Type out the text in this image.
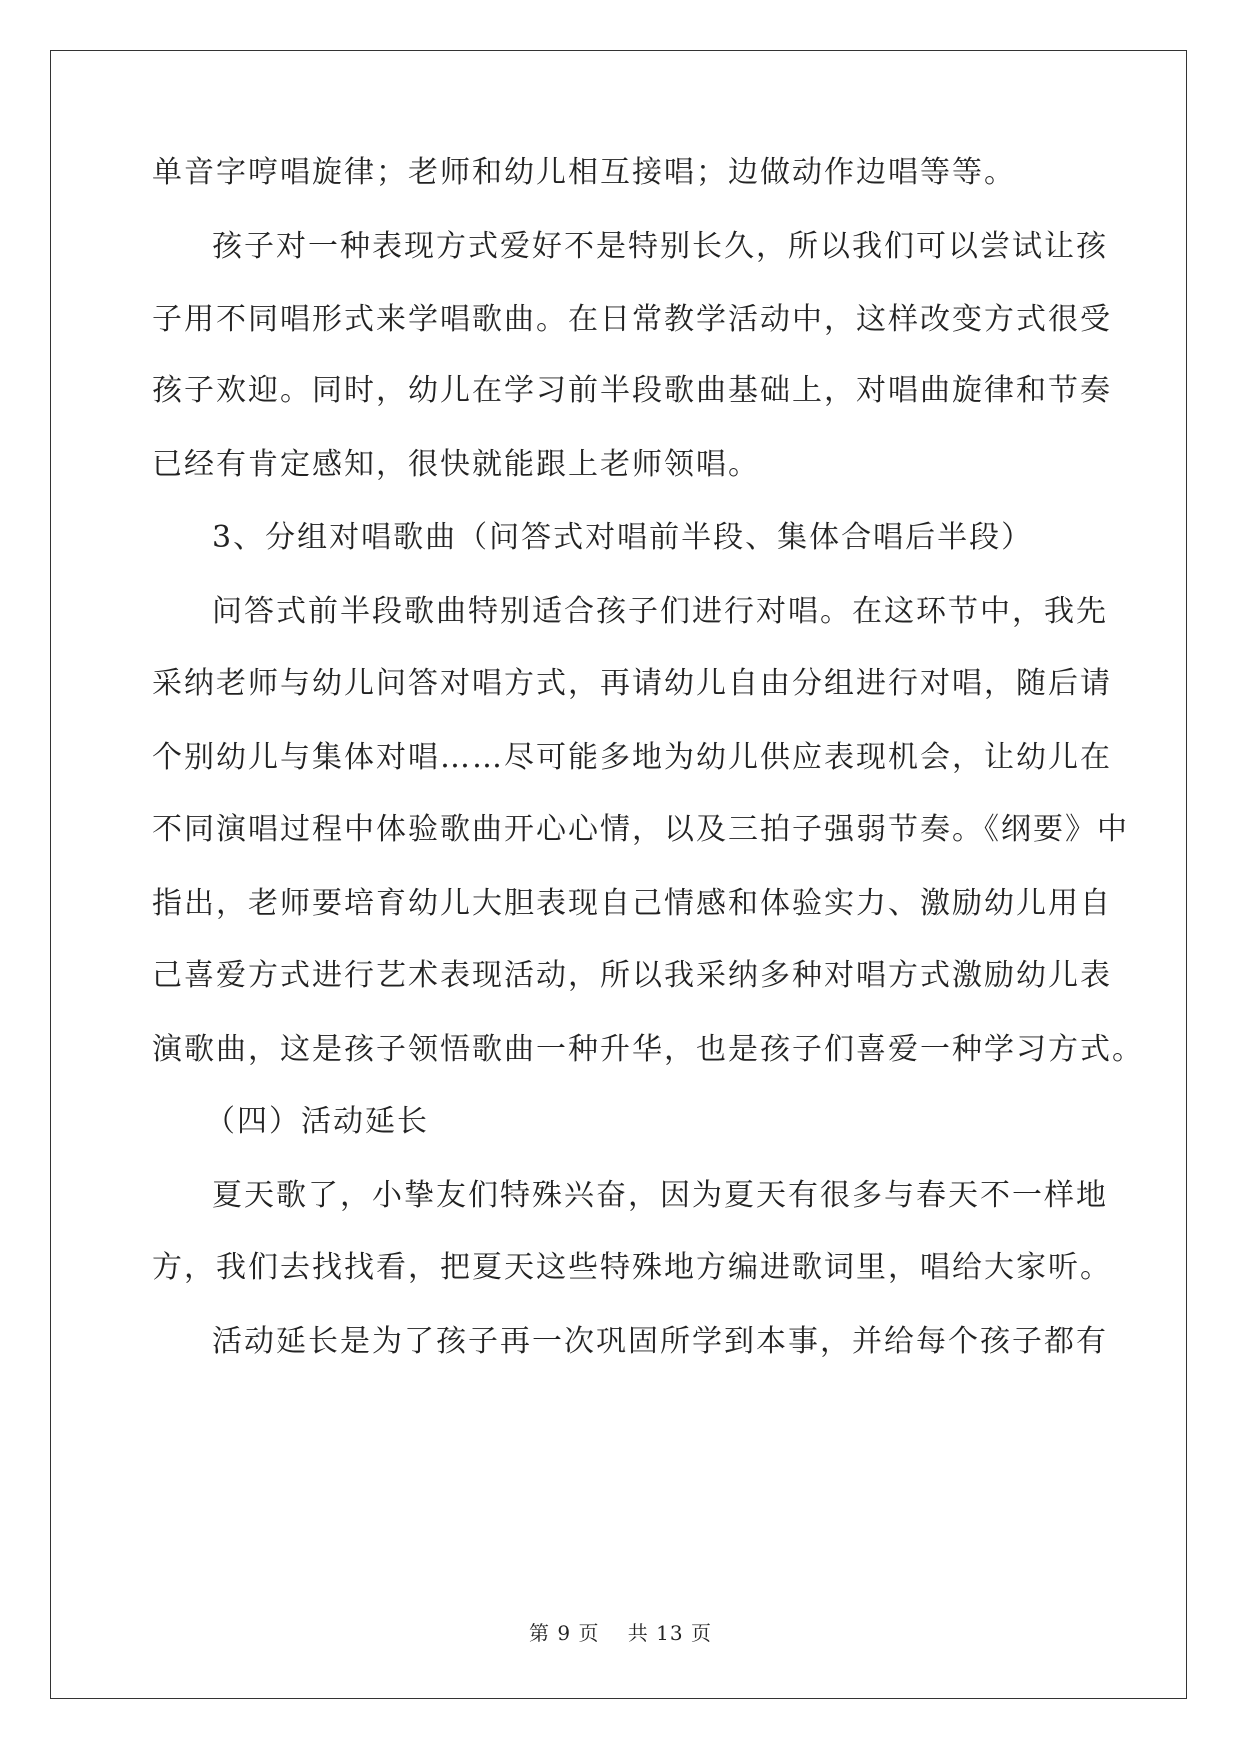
单音字哼唱旋律；老师和幼儿相互接唱；边做动作边唱等等。
孩子对一种表现方式爱好不是特别长久，所以我们可以尝试让孩
子用不同唱形式来学唱歌曲。在日常教学活动中，这样改变方式很受
孩子欢迎。同时，幼儿在学习前半段歌曲基础上，对唱曲旋律和节奏
已经有肯定感知，很快就能跟上老师领唱。
3、分组对唱歌曲（问答式对唱前半段、集体合唱后半段）
问答式前半段歌曲特别适合孩子们进行对唱。在这环节中，我先
采纳老师与幼儿问答对唱方式，再请幼儿自由分组进行对唱，随后请
个别幼儿与集体对唱……尽可能多地为幼儿供应表现机会，让幼儿在
不同演唱过程中体验歌曲开心心情，以及三拍子强弱节奏。《纲要》中
指出，老师要培育幼儿大胆表现自己情感和体验实力、激励幼儿用自
己喜爱方式进行艺术表现活动，所以我采纳多种对唱方式激励幼儿表
演歌曲，这是孩子领悟歌曲一种升华，也是孩子们喜爱一种学习方式。
（四）活动延长
夏天歌了，小挚友们特殊兴奋，因为夏天有很多与春天不一样地
方，我们去找找看，把夏天这些特殊地方编进歌词里，唱给大家听。
活动延长是为了孩子再一次巩固所学到本事，并给每个孩子都有
第 9 页　 共 13 页
